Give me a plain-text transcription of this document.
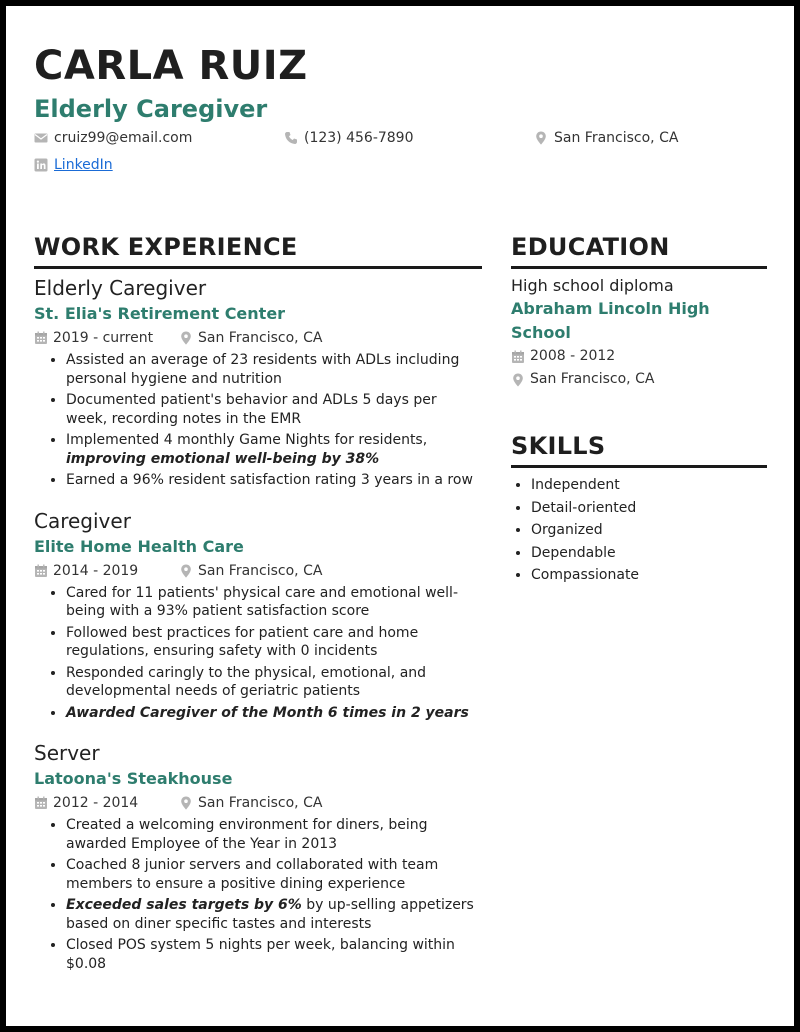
CARLA RUIZ
Elderly Caregiver
cruiz99@email.com	(123) 456-7890	San Francisco, CA
LinkedIn
WORK EXPERIENCE
Elderly Caregiver
St. Elia's Retirement Center
2019 - current	San Francisco, CA
• Assisted an average of 23 residents with ADLs including personal hygiene and nutrition
• Documented patient's behavior and ADLs 5 days per week, recording notes in the EMR
• Implemented 4 monthly Game Nights for residents, improving emotional well-being by 38%
• Earned a 96% resident satisfaction rating 3 years in a row
Caregiver
Elite Home Health Care
2014 - 2019	San Francisco, CA
• Cared for 11 patients' physical care and emotional well-being with a 93% patient satisfaction score
• Followed best practices for patient care and home regulations, ensuring safety with 0 incidents
• Responded caringly to the physical, emotional, and developmental needs of geriatric patients
• Awarded Caregiver of the Month 6 times in 2 years
Server
Latoona's Steakhouse
2012 - 2014	San Francisco, CA
• Created a welcoming environment for diners, being awarded Employee of the Year in 2013
• Coached 8 junior servers and collaborated with team members to ensure a positive dining experience
• Exceeded sales targets by 6% by up-selling appetizers based on diner specific tastes and interests
• Closed POS system 5 nights per week, balancing within $0.08
EDUCATION
High school diploma
Abraham Lincoln High School
2008 - 2012
San Francisco, CA
SKILLS
• Independent
• Detail-oriented
• Organized
• Dependable
• Compassionate
